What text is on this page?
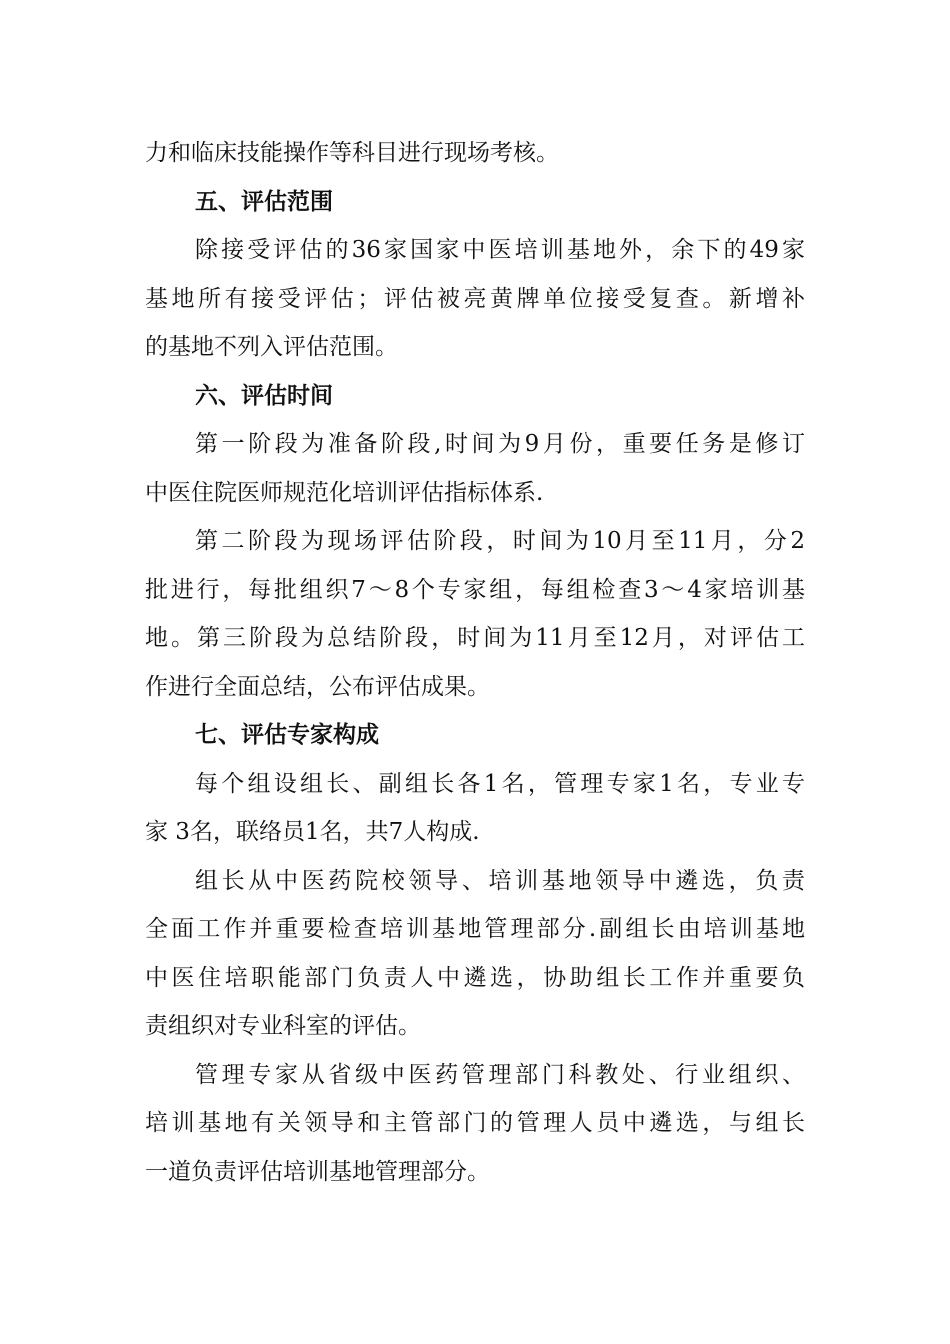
力和临床技能操作等科目进行现场考核。
五、评估范围
除接受评估的36家国家中医培训基地外，余下的49家
基地所有接受评估；评估被亮黄牌单位接受复查。新增补
的基地不列入评估范围。
六、评估时间
第一阶段为准备阶段,时间为9月份，重要任务是修订
中医住院医师规范化培训评估指标体系.
第二阶段为现场评估阶段，时间为10月至11月，分2
批进行，每批组织7～8个专家组，每组检查3～4家培训基
地。第三阶段为总结阶段，时间为11月至12月，对评估工
作进行全面总结，公布评估成果。
七、评估专家构成
每个组设组长、副组长各1名，管理专家1名，专业专
家 3名，联络员1名，共7人构成.
组长从中医药院校领导、培训基地领导中遴选，负责
全面工作并重要检查培训基地管理部分.副组长由培训基地
中医住培职能部门负责人中遴选，协助组长工作并重要负
责组织对专业科室的评估。
管理专家从省级中医药管理部门科教处、行业组织、
培训基地有关领导和主管部门的管理人员中遴选，与组长
一道负责评估培训基地管理部分。
